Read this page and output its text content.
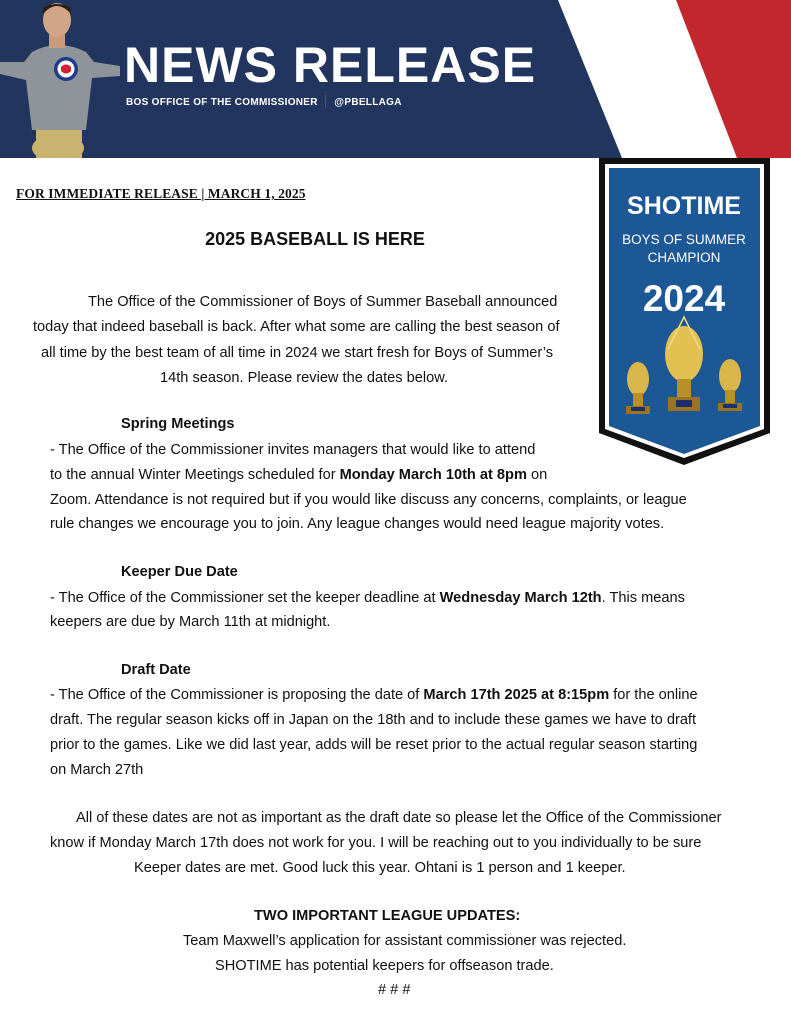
NEWS RELEASE
BOS OFFICE OF THE COMMISSIONER @PBELLAGA
SHOTIME
BOYS OF SUMMER
CHAMPION
2024
FOR IMMEDIATE RELEASE | MARCH 1, 2025
2025 BASEBALL IS HERE
The Office of the Commissioner of Boys of Summer Baseball announced
today that indeed baseball is back. After what some are calling the best season of
all time by the best team of all time in 2024 we start fresh for Boys of Summer’s
14th season. Please review the dates below.
Spring Meetings
- The Office of the Commissioner invites managers that would like to attend
to the annual Winter Meetings scheduled for Monday March 10th at 8pm on
Zoom. Attendance is not required but if you would like discuss any concerns, complaints, or league
rule changes we encourage you to join. Any league changes would need league majority votes.
Keeper Due Date
- The Office of the Commissioner set the keeper deadline at Wednesday March 12th. This means
keepers are due by March 11th at midnight.
Draft Date
- The Office of the Commissioner is proposing the date of March 17th 2025 at 8:15pm for the online
draft. The regular season kicks off in Japan on the 18th and to include these games we have to draft
prior to the games. Like we did last year, adds will be reset prior to the actual regular season starting
on March 27th
All of these dates are not as important as the draft date so please let the Office of the Commissioner
know if Monday March 17th does not work for you. I will be reaching out to you individually to be sure
Keeper dates are met. Good luck this year. Ohtani is 1 person and 1 keeper.
TWO IMPORTANT LEAGUE UPDATES:
Team Maxwell’s application for assistant commissioner was rejected.
SHOTIME has potential keepers for offseason trade.
# # #
